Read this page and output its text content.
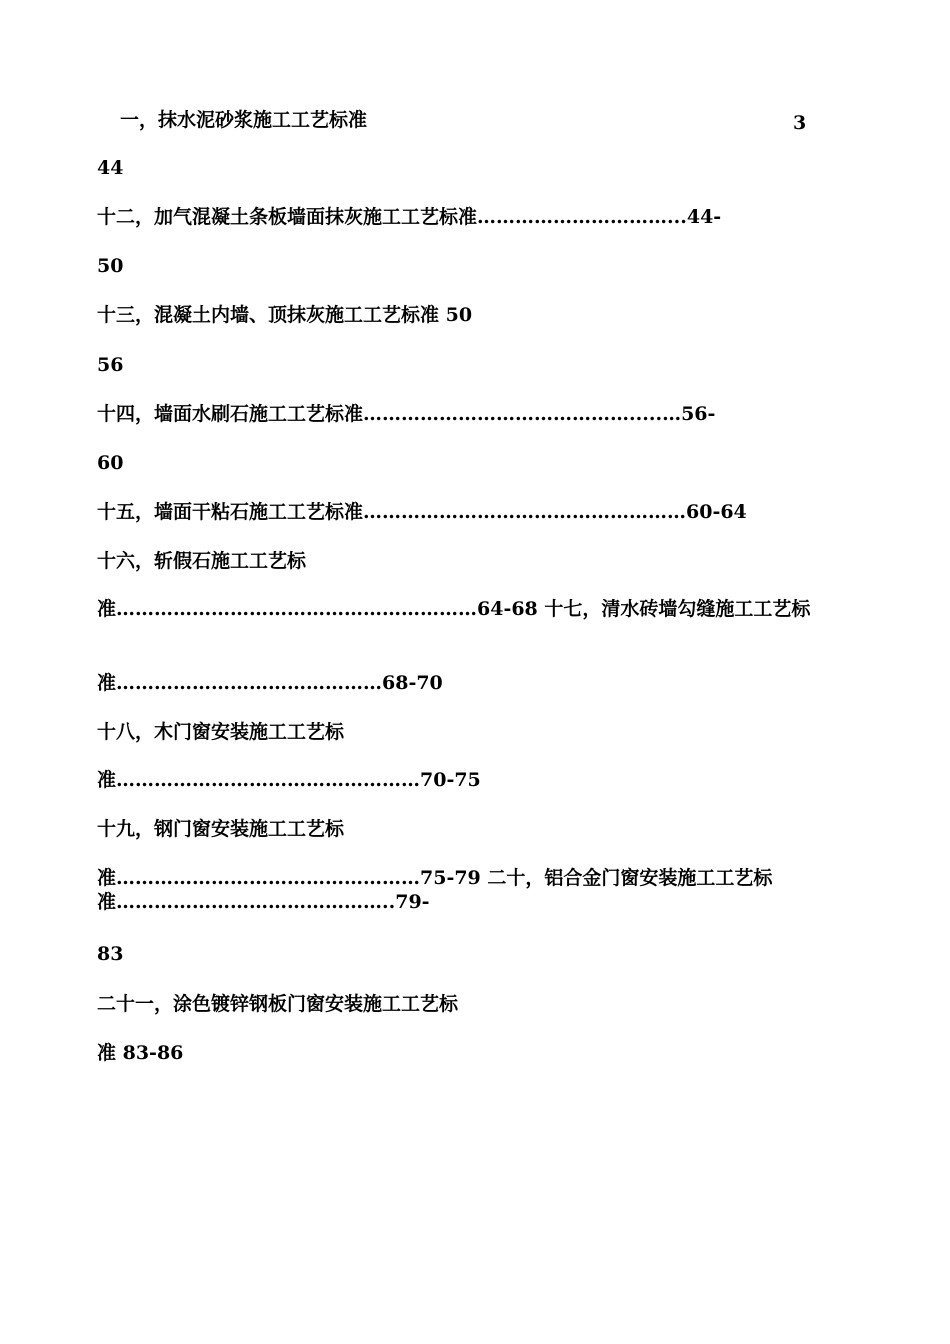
一，抹水泥砂浆施工工艺标准	3
44
十二，加气混凝土条板墙面抹灰施工工艺标准…………………………...44-
50
十三，混凝土内墙、顶抹灰施工工艺标准 50
56
十四，墙面水刷石施工工艺标准…………………………………….....…56-
60
十五，墙面干粘石施工工艺标准……………………………………………60-64
十六，斩假石施工工艺标
准…………………………………………………64-68 十七，清水砖墙勾缝施工工艺标
准……………………………………68-70
十八，木门窗安装施工工艺标
准…………………………………………70-75
十九，钢门窗安装施工工艺标
准…………………………………………75-79 二十，铝合金门窗安装施工工艺标准……………………………………..79-
83
二十一，涂色镀锌钢板门窗安装施工工艺标
准 83-86
